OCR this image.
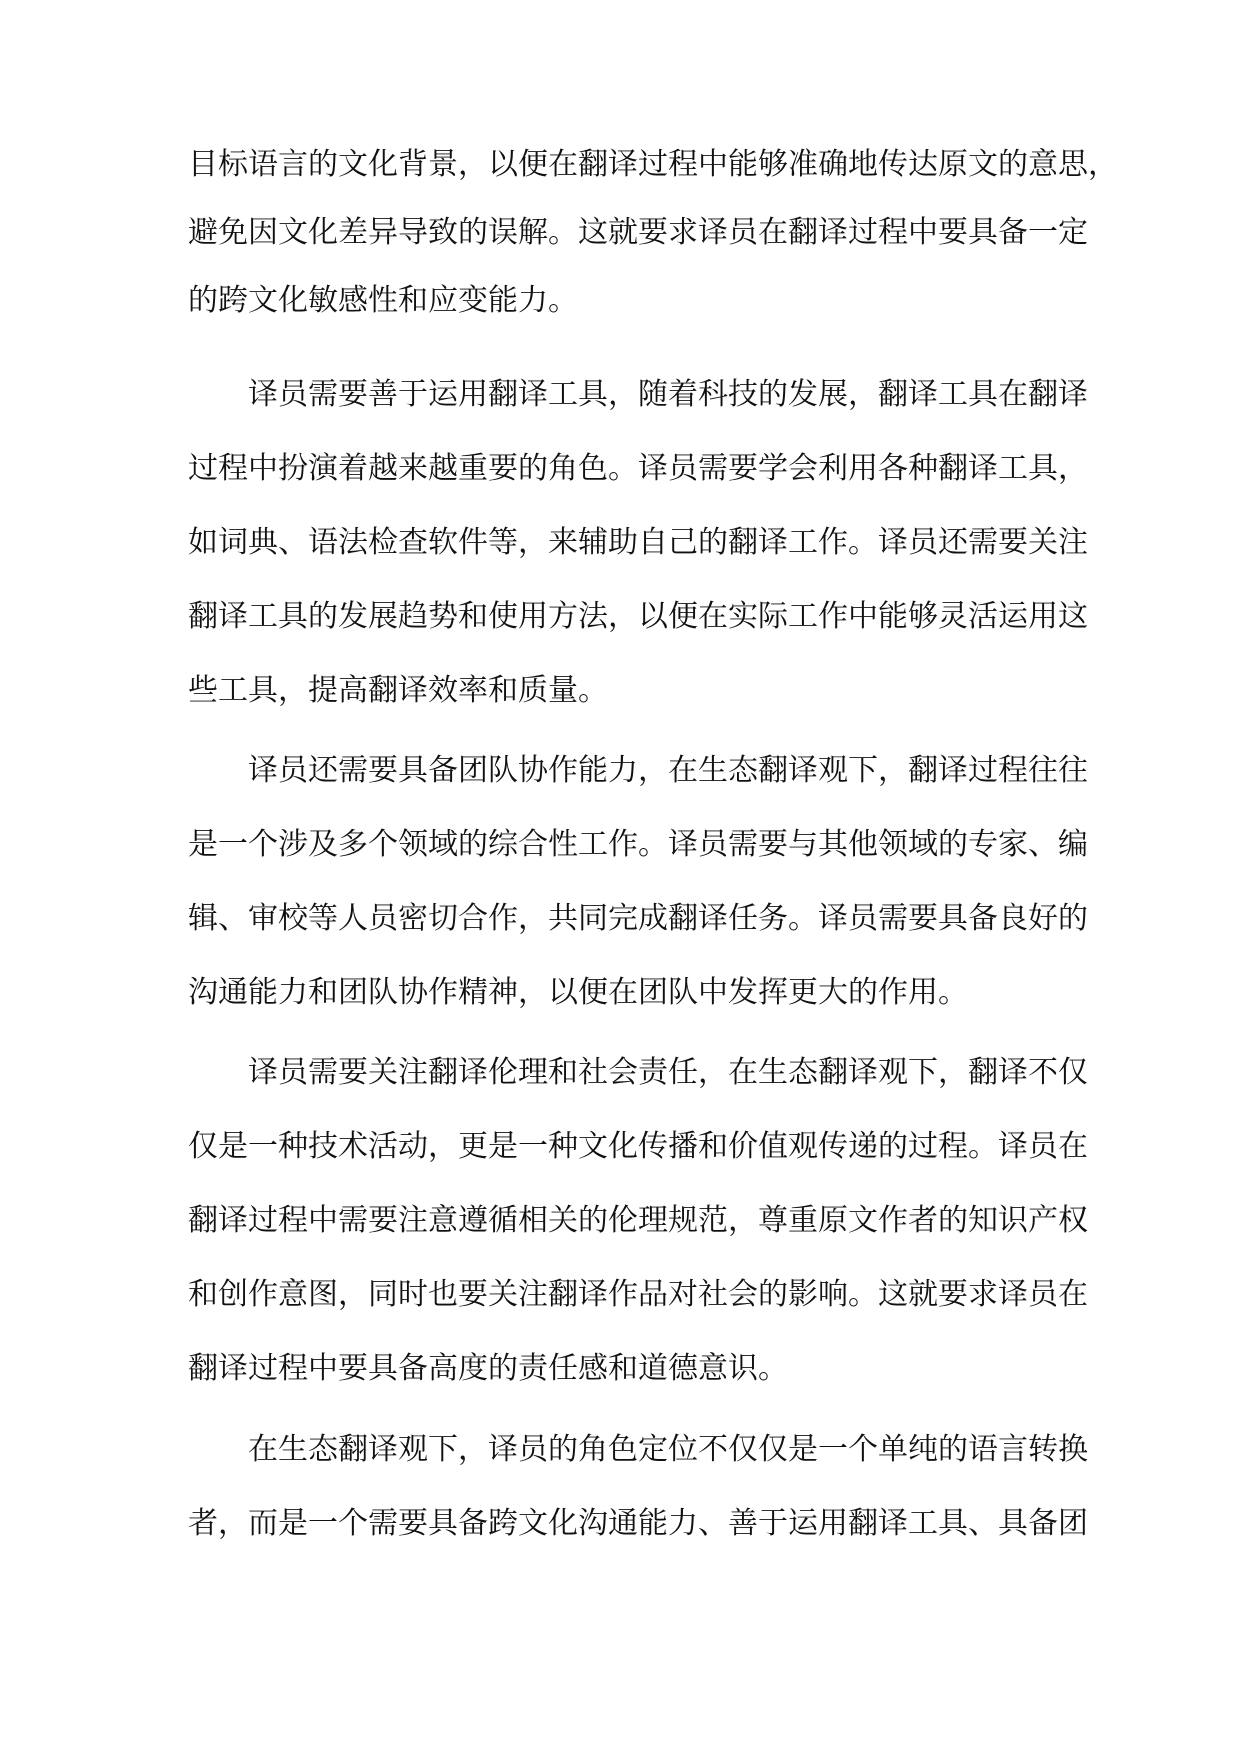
目标语言的文化背景，以便在翻译过程中能够准确地传达原文的意思，

避免因文化差异导致的误解。这就要求译员在翻译过程中要具备一定

的跨文化敏感性和应变能力。

译员需要善于运用翻译工具，随着科技的发展，翻译工具在翻译

过程中扮演着越来越重要的角色。译员需要学会利用各种翻译工具，

如词典、语法检查软件等，来辅助自己的翻译工作。译员还需要关注

翻译工具的发展趋势和使用方法，以便在实际工作中能够灵活运用这

些工具，提高翻译效率和质量。

译员还需要具备团队协作能力，在生态翻译观下，翻译过程往往

是一个涉及多个领域的综合性工作。译员需要与其他领域的专家、编

辑、审校等人员密切合作，共同完成翻译任务。译员需要具备良好的

沟通能力和团队协作精神，以便在团队中发挥更大的作用。

译员需要关注翻译伦理和社会责任，在生态翻译观下，翻译不仅

仅是一种技术活动，更是一种文化传播和价值观传递的过程。译员在

翻译过程中需要注意遵循相关的伦理规范，尊重原文作者的知识产权

和创作意图，同时也要关注翻译作品对社会的影响。这就要求译员在

翻译过程中要具备高度的责任感和道德意识。

在生态翻译观下，译员的角色定位不仅仅是一个单纯的语言转换

者，而是一个需要具备跨文化沟通能力、善于运用翻译工具、具备团
